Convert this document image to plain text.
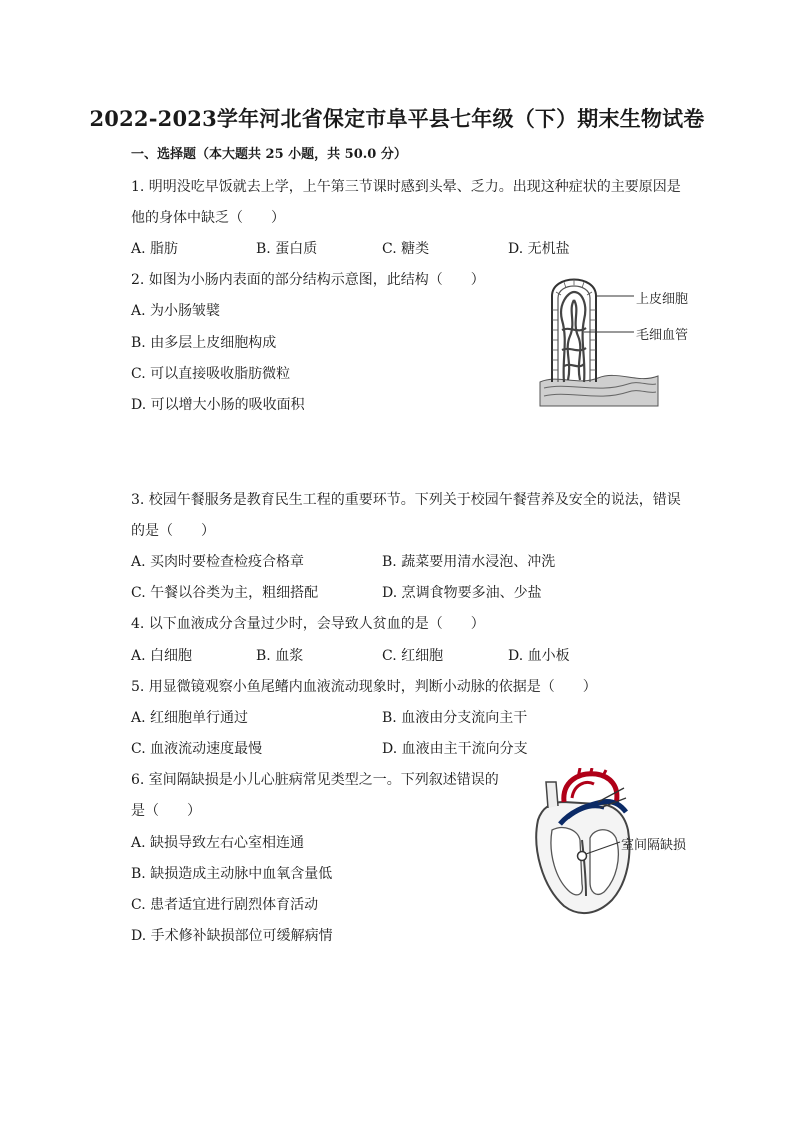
2022-2023学年河北省保定市阜平县七年级（下）期末生物试卷
一、选择题（本大题共 25 小题，共 50.0 分）
1. 明明没吃早饭就去上学，上午第三节课时感到头晕、乏力。出现这种症状的主要原因是
他的身体中缺乏（　　）
A. 脂肪	B. 蛋白质	C. 糖类	D. 无机盐
2. 如图为小肠内表面的部分结构示意图，此结构（　　）
A. 为小肠皱襞
B. 由多层上皮细胞构成
C. 可以直接吸收脂肪微粒
D. 可以增大小肠的吸收面积
上皮细胞
毛细血管
3. 校园午餐服务是教育民生工程的重要环节。下列关于校园午餐营养及安全的说法，错误
的是（　　）
A. 买肉时要检查检疫合格章	B. 蔬菜要用清水浸泡、冲洗
C. 午餐以谷类为主，粗细搭配	D. 烹调食物要多油、少盐
4. 以下血液成分含量过少时，会导致人贫血的是（　　）
A. 白细胞	B. 血浆	C. 红细胞	D. 血小板
5. 用显微镜观察小鱼尾鳍内血液流动现象时，判断小动脉的依据是（　　）
A. 红细胞单行通过	B. 血液由分支流向主干
C. 血液流动速度最慢	D. 血液由主干流向分支
6. 室间隔缺损是小儿心脏病常见类型之一。下列叙述错误的
是（　　）
A. 缺损导致左右心室相连通
B. 缺损造成主动脉中血氧含量低
C. 患者适宜进行剧烈体育活动
D. 手术修补缺损部位可缓解病情
室间隔缺损
